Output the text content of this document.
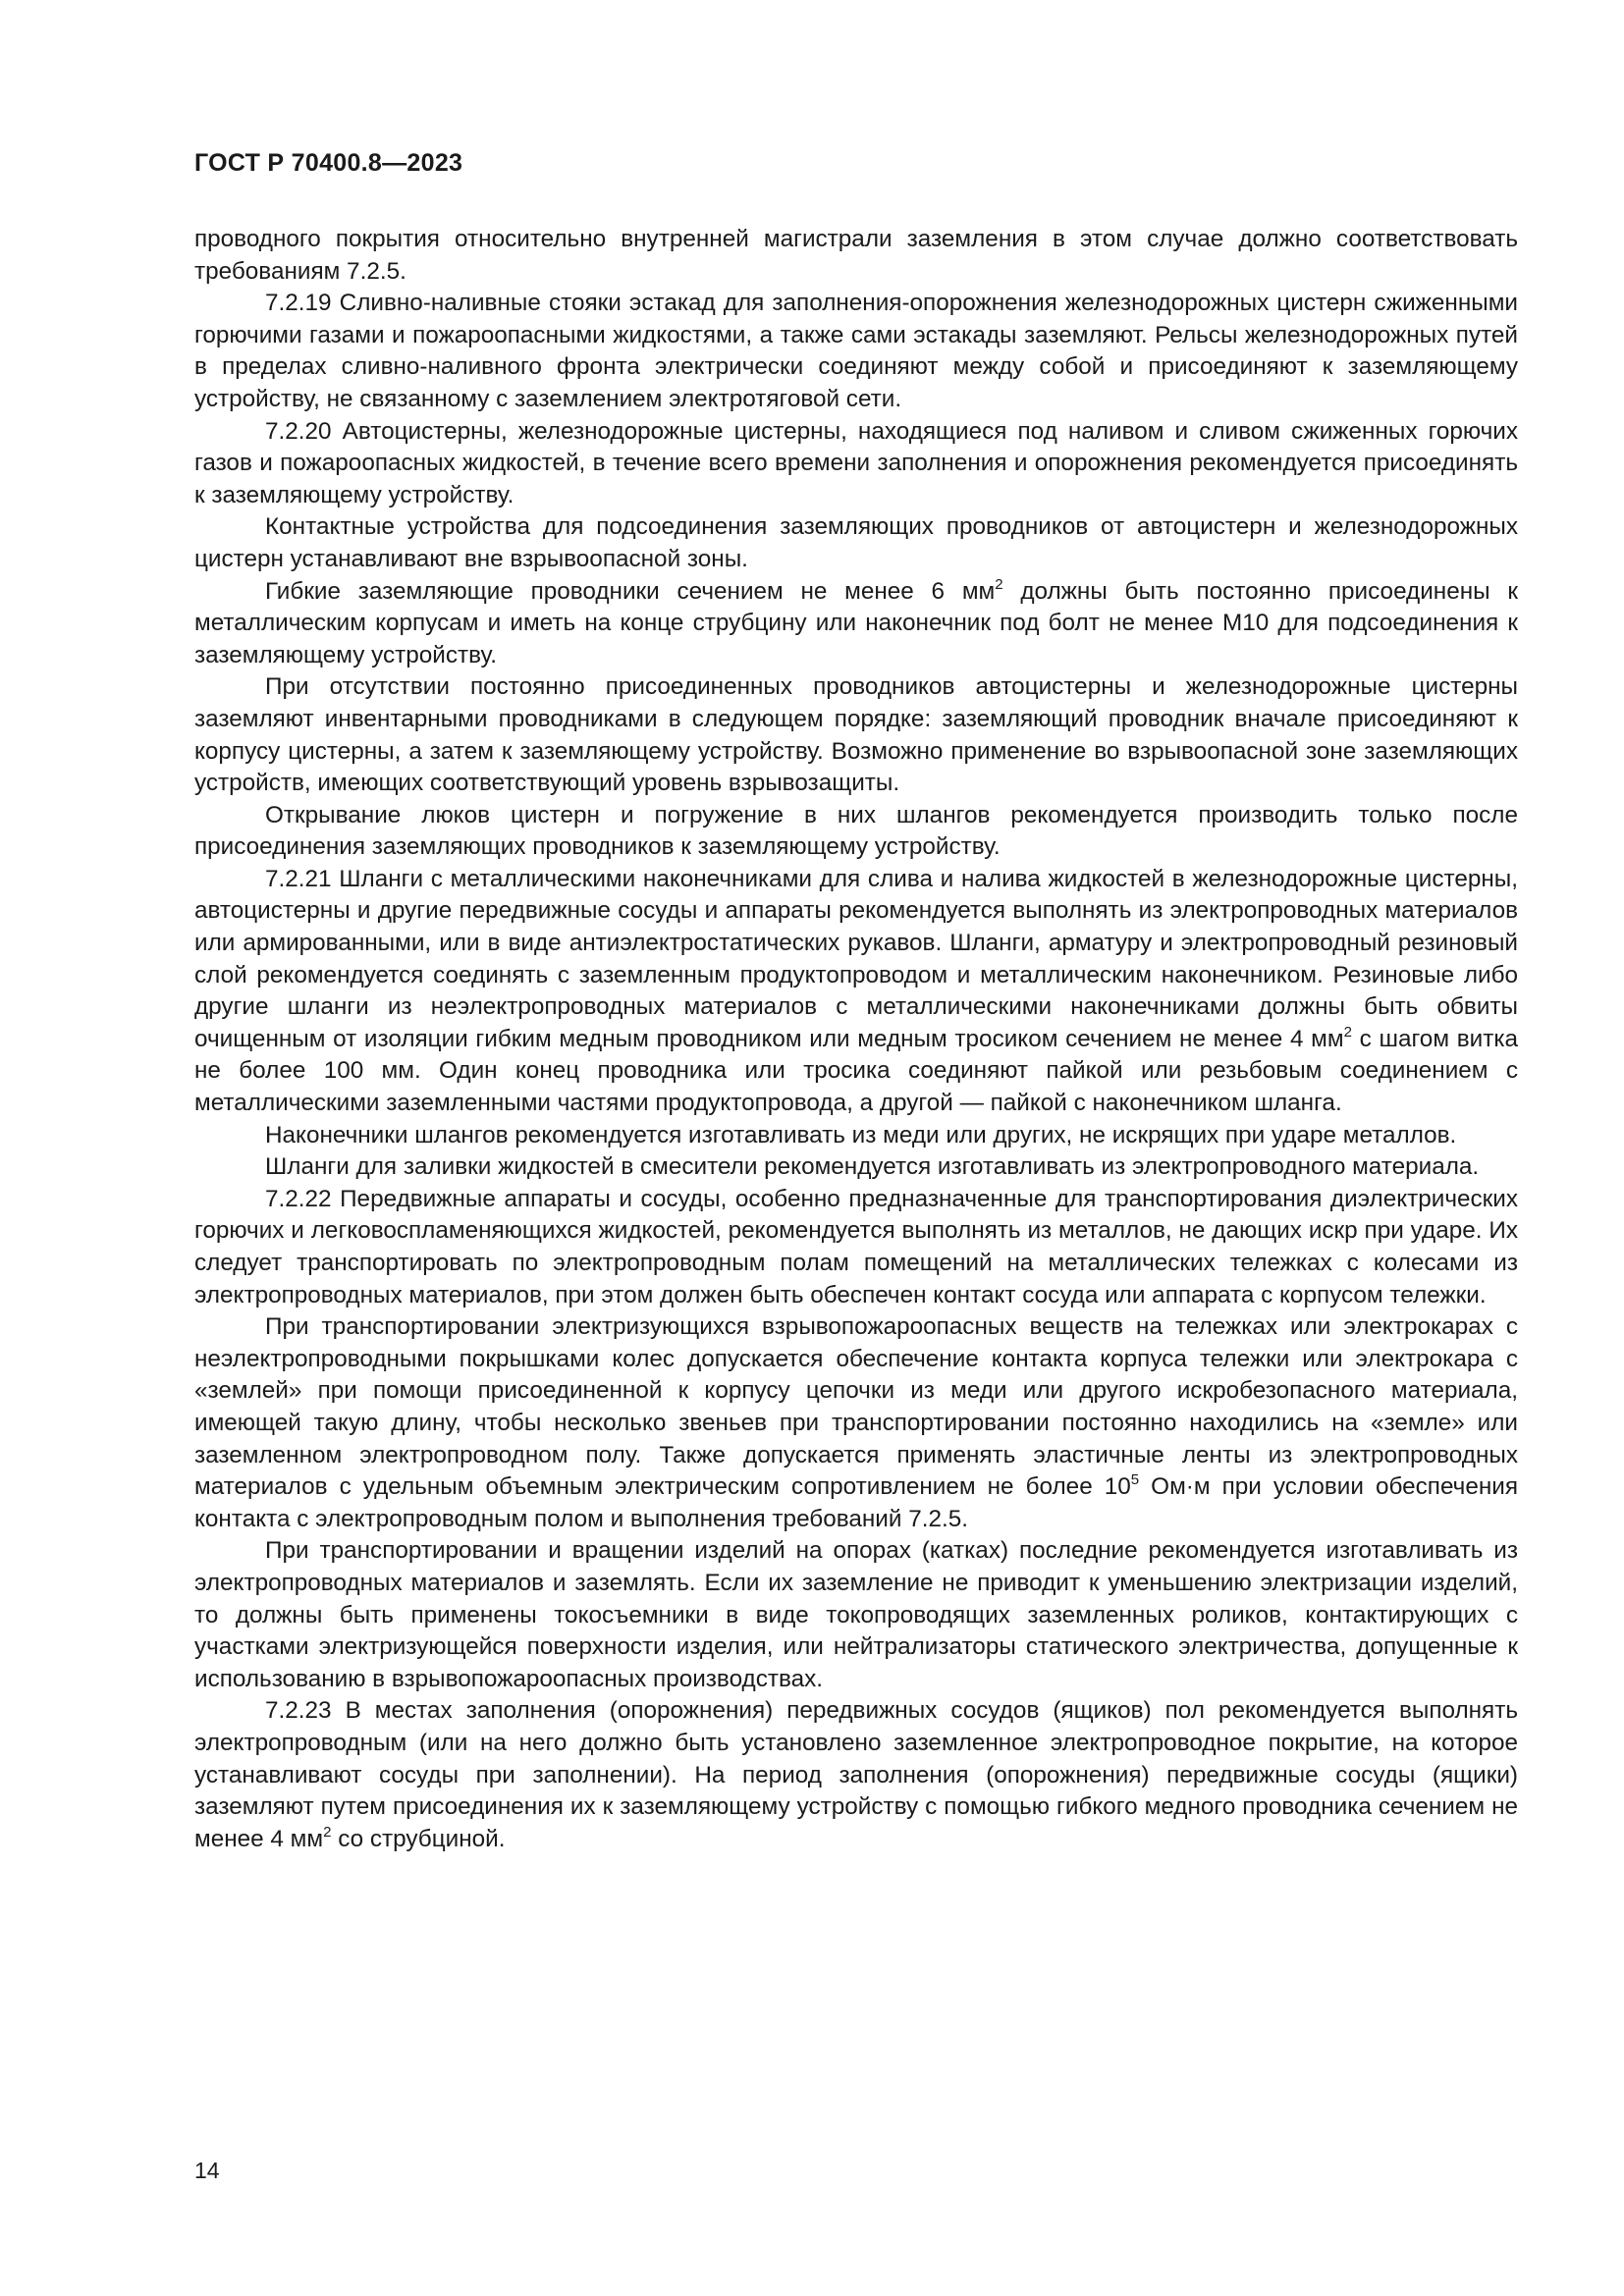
ГОСТ Р 70400.8—2023

проводного покрытия относительно внутренней магистрали заземления в этом случае должно соответствовать требованиям 7.2.5.

7.2.19 Сливно-наливные стояки эстакад для заполнения-опорожнения железнодорожных цистерн сжиженными горючими газами и пожароопасными жидкостями, а также сами эстакады заземляют. Рельсы железнодорожных путей в пределах сливно-наливного фронта электрически соединяют между собой и присоединяют к заземляющему устройству, не связанному с заземлением электротяговой сети.

7.2.20 Автоцистерны, железнодорожные цистерны, находящиеся под наливом и сливом сжиженных горючих газов и пожароопасных жидкостей, в течение всего времени заполнения и опорожнения рекомендуется присоединять к заземляющему устройству.

Контактные устройства для подсоединения заземляющих проводников от автоцистерн и железнодорожных цистерн устанавливают вне взрывоопасной зоны.

Гибкие заземляющие проводники сечением не менее 6 $мм^2$ должны быть постоянно присоединены к металлическим корпусам и иметь на конце струбцину или наконечник под болт не менее М10 для подсоединения к заземляющему устройству.

При отсутствии постоянно присоединенных проводников автоцистерны и железнодорожные цистерны заземляют инвентарными проводниками в следующем порядке: заземляющий проводник вначале присоединяют к корпусу цистерны, а затем к заземляющему устройству. Возможно применение во взрывоопасной зоне заземляющих устройств, имеющих соответствующий уровень взрывозащиты.

Открывание люков цистерн и погружение в них шлангов рекомендуется производить только после присоединения заземляющих проводников к заземляющему устройству.

7.2.21 Шланги с металлическими наконечниками для слива и налива жидкостей в железнодорожные цистерны, автоцистерны и другие передвижные сосуды и аппараты рекомендуется выполнять из электропроводных материалов или армированными, или в виде антиэлектростатических рукавов. Шланги, арматуру и электропроводный резиновый слой рекомендуется соединять с заземленным продуктопроводом и металлическим наконечником. Резиновые либо другие шланги из неэлектропроводных материалов с металлическими наконечниками должны быть обвиты очищенным от изоляции гибким медным проводником или медным тросиком сечением не менее 4 $мм^2$ с шагом витка не более 100 мм. Один конец проводника или тросика соединяют пайкой или резьбовым соединением с металлическими заземленными частями продуктопровода, а другой — пайкой с наконечником шланга.

Наконечники шлангов рекомендуется изготавливать из меди или других, не искрящих при ударе металлов.

Шланги для заливки жидкостей в смесители рекомендуется изготавливать из электропроводного материала.

7.2.22 Передвижные аппараты и сосуды, особенно предназначенные для транспортирования диэлектрических горючих и легковоспламеняющихся жидкостей, рекомендуется выполнять из металлов, не дающих искр при ударе. Их следует транспортировать по электропроводным полам помещений на металлических тележках с колесами из электропроводных материалов, при этом должен быть обеспечен контакт сосуда или аппарата с корпусом тележки.

При транспортировании электризующихся взрывопожароопасных веществ на тележках или электрокарах с неэлектропроводными покрышками колес допускается обеспечение контакта корпуса тележки или электрокара с «землей» при помощи присоединенной к корпусу цепочки из меди или другого искробезопасного материала, имеющей такую длину, чтобы несколько звеньев при транспортировании постоянно находились на «земле» или заземленном электропроводном полу. Также допускается применять эластичные ленты из электропроводных материалов с удельным объемным электрическим сопротивлением не более $10^5$ Ом·м при условии обеспечения контакта с электропроводным полом и выполнения требований 7.2.5.

При транспортировании и вращении изделий на опорах (катках) последние рекомендуется изготавливать из электропроводных материалов и заземлять. Если их заземление не приводит к уменьшению электризации изделий, то должны быть применены токосъемники в виде токопроводящих заземленных роликов, контактирующих с участками электризующейся поверхности изделия, или нейтрализаторы статического электричества, допущенные к использованию в взрывопожароопасных производствах.

7.2.23 В местах заполнения (опорожнения) передвижных сосудов (ящиков) пол рекомендуется выполнять электропроводным (или на него должно быть установлено заземленное электропроводное покрытие, на которое устанавливают сосуды при заполнении). На период заполнения (опорожнения) передвижные сосуды (ящики) заземляют путем присоединения их к заземляющему устройству с помощью гибкого медного проводника сечением не менее 4 $мм^2$ со струбциной.

14
